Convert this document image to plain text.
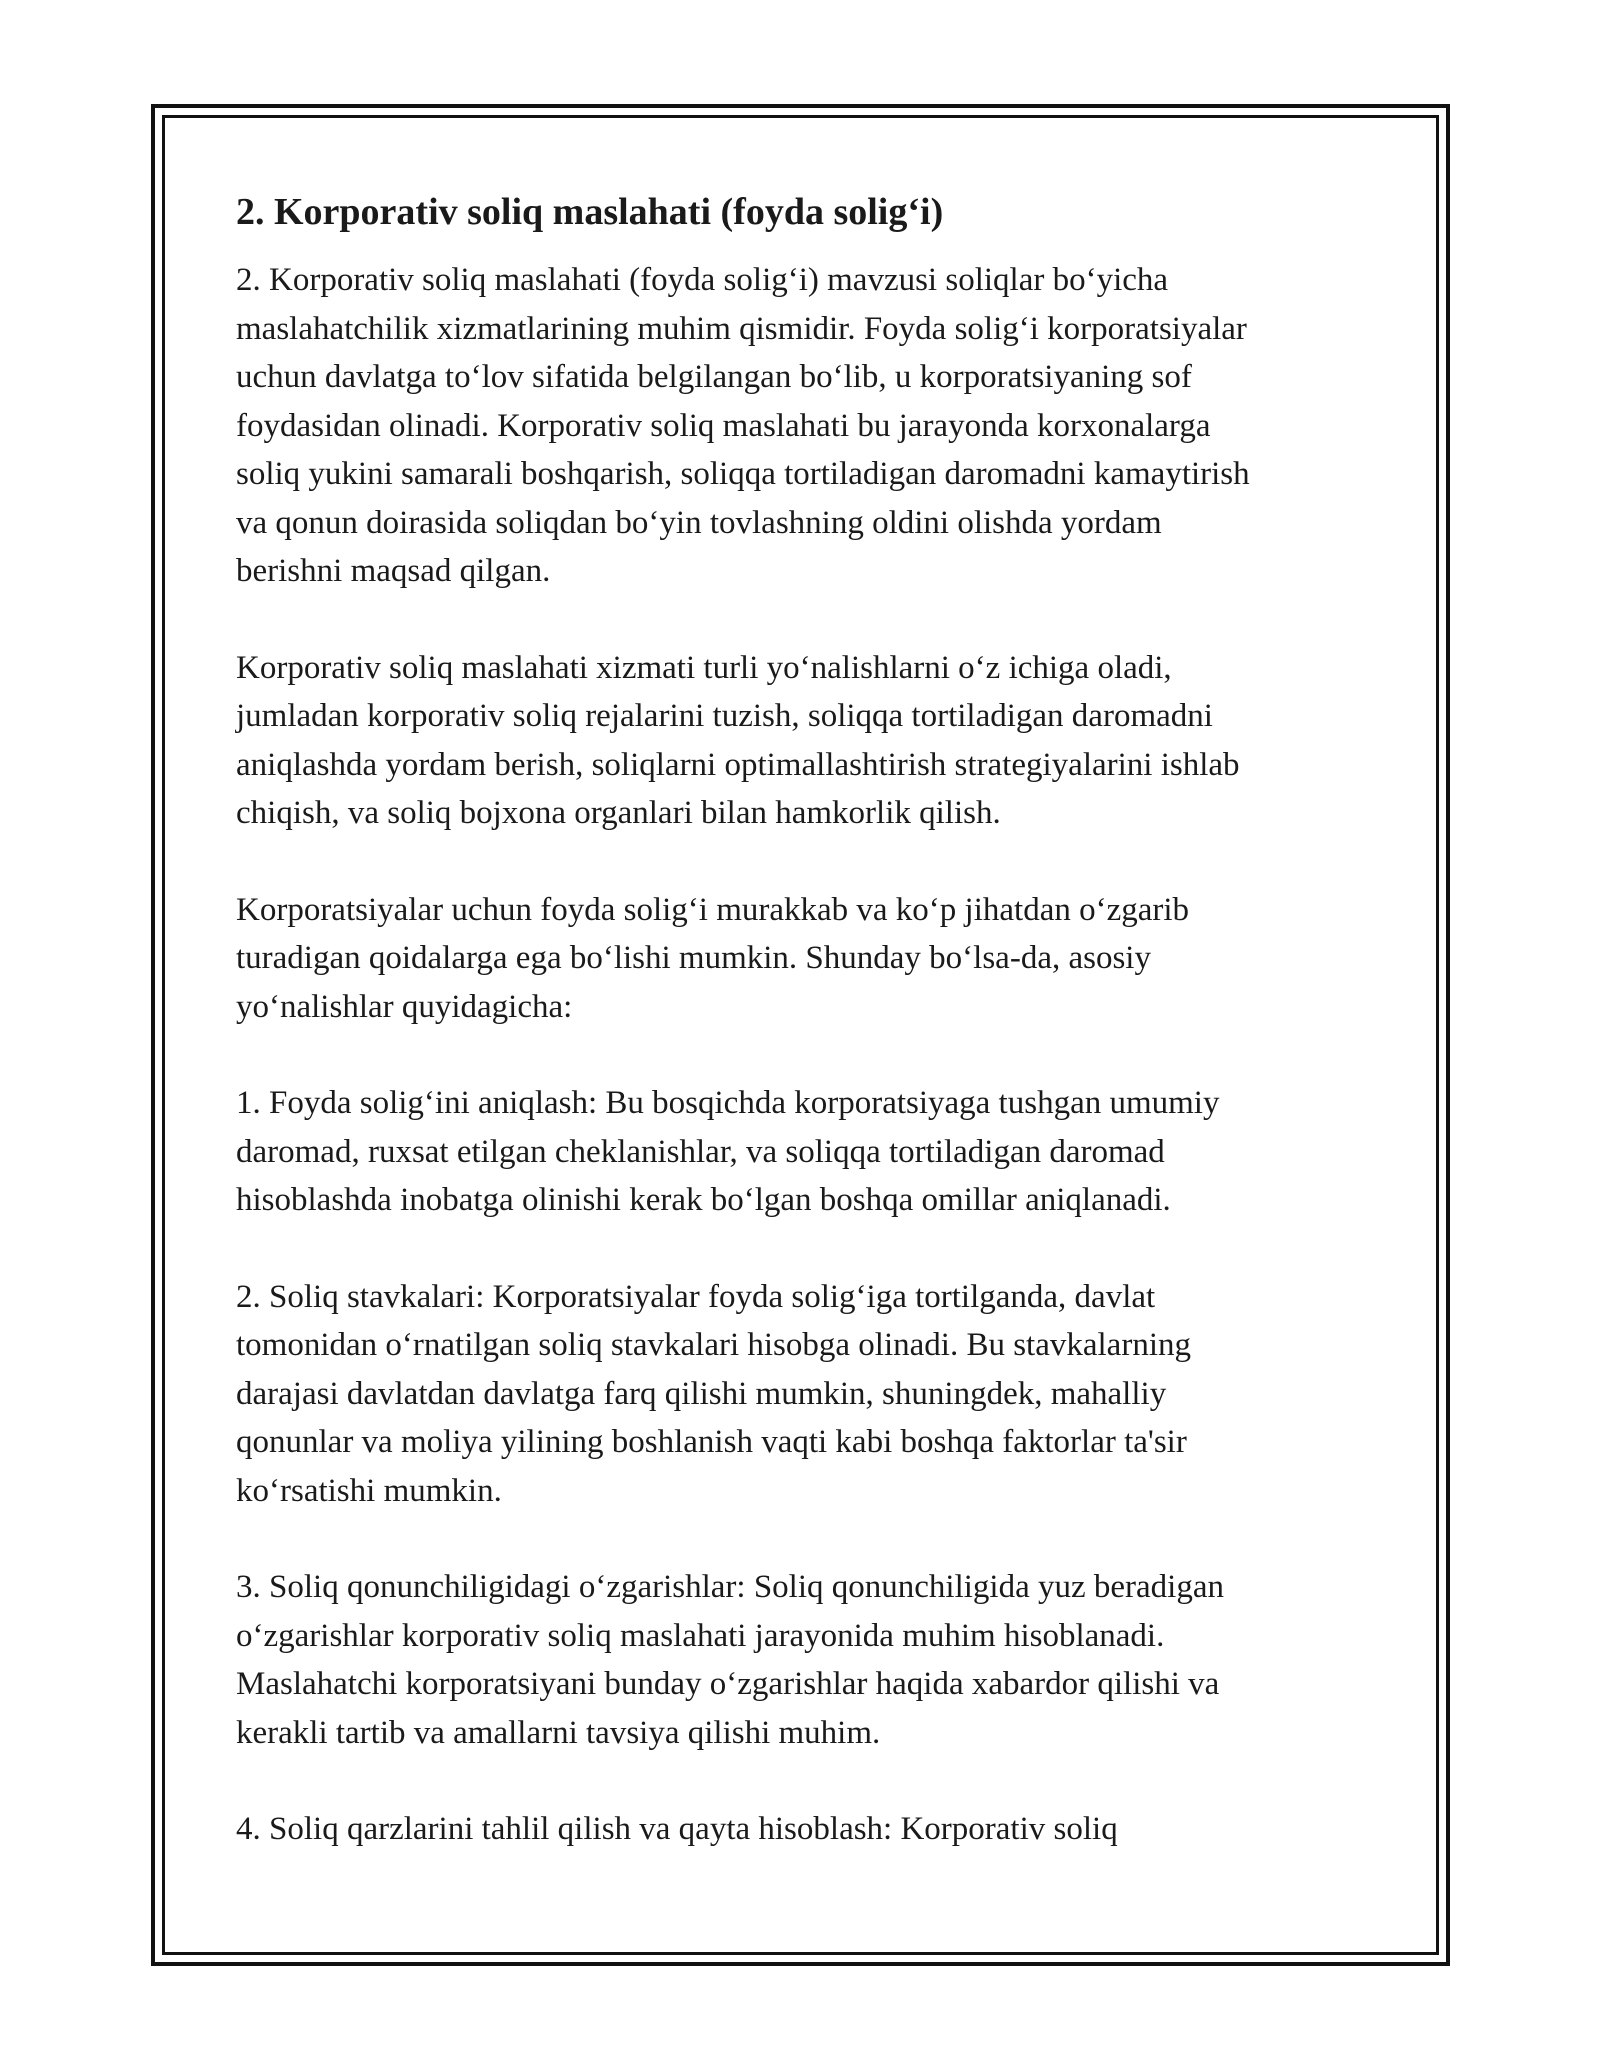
2. Korporativ soliq maslahati (foyda solig‘i)

2. Korporativ soliq maslahati (foyda solig‘i) mavzusi soliqlar bo‘yicha
maslahatchilik xizmatlarining muhim qismidir. Foyda solig‘i korporatsiyalar
uchun davlatga to‘lov sifatida belgilangan bo‘lib, u korporatsiyaning sof
foydasidan olinadi. Korporativ soliq maslahati bu jarayonda korxonalarga
soliq yukini samarali boshqarish, soliqqa tortiladigan daromadni kamaytirish
va qonun doirasida soliqdan bo‘yin tovlashning oldini olishda yordam
berishni maqsad qilgan.

Korporativ soliq maslahati xizmati turli yo‘nalishlarni o‘z ichiga oladi,
jumladan korporativ soliq rejalarini tuzish, soliqqa tortiladigan daromadni
aniqlashda yordam berish, soliqlarni optimallashtirish strategiyalarini ishlab
chiqish, va soliq bojxona organlari bilan hamkorlik qilish.

Korporatsiyalar uchun foyda solig‘i murakkab va ko‘p jihatdan o‘zgarib
turadigan qoidalarga ega bo‘lishi mumkin. Shunday bo‘lsa-da, asosiy
yo‘nalishlar quyidagicha:

1. Foyda solig‘ini aniqlash: Bu bosqichda korporatsiyaga tushgan umumiy
daromad, ruxsat etilgan cheklanishlar, va soliqqa tortiladigan daromad
hisoblashda inobatga olinishi kerak bo‘lgan boshqa omillar aniqlanadi.

2. Soliq stavkalari: Korporatsiyalar foyda solig‘iga tortilganda, davlat
tomonidan o‘rnatilgan soliq stavkalari hisobga olinadi. Bu stavkalarning
darajasi davlatdan davlatga farq qilishi mumkin, shuningdek, mahalliy
qonunlar va moliya yilining boshlanish vaqti kabi boshqa faktorlar ta'sir
ko‘rsatishi mumkin.

3. Soliq qonunchiligidagi o‘zgarishlar: Soliq qonunchiligida yuz beradigan
o‘zgarishlar korporativ soliq maslahati jarayonida muhim hisoblanadi.
Maslahatchi korporatsiyani bunday o‘zgarishlar haqida xabardor qilishi va
kerakli tartib va amallarni tavsiya qilishi muhim.

4. Soliq qarzlarini tahlil qilish va qayta hisoblash: Korporativ soliq
